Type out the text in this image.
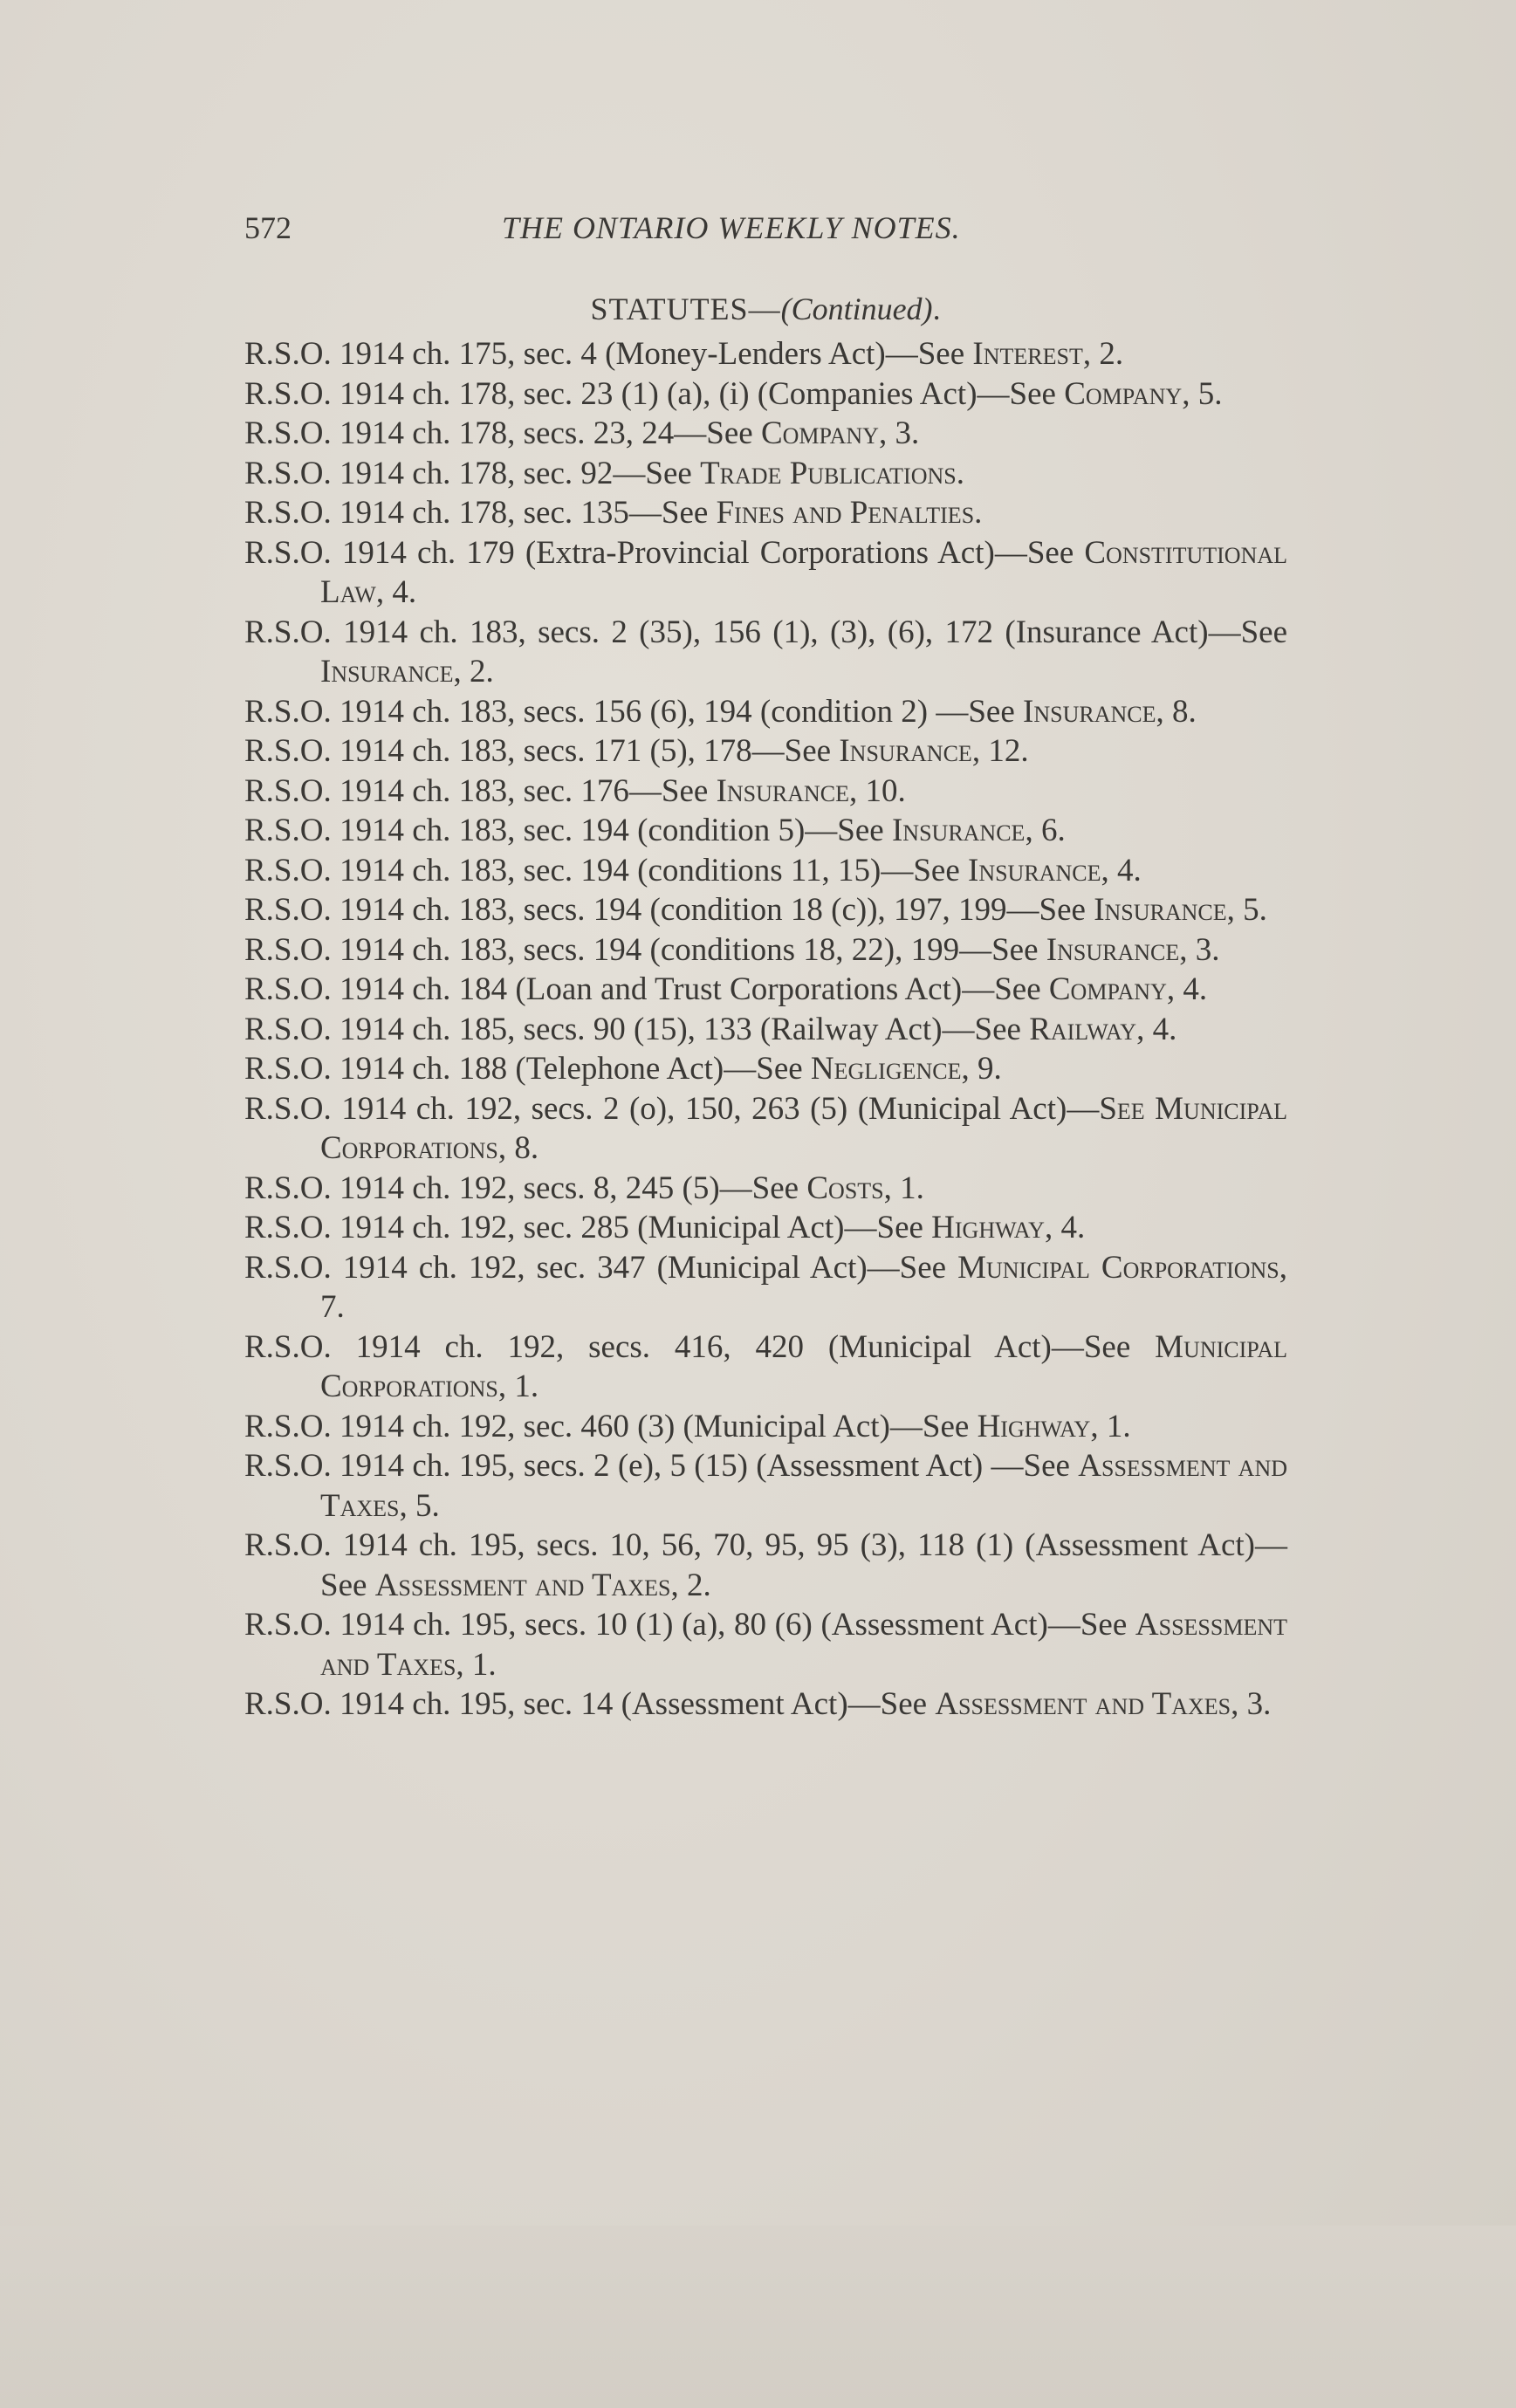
572	THE ONTARIO WEEKLY NOTES.
STATUTES—(Continued).
R.S.O. 1914 ch. 175, sec. 4 (Money-Lenders Act)—See Interest, 2.
R.S.O. 1914 ch. 178, sec. 23 (1) (a), (i) (Companies Act)—See Company, 5.
R.S.O. 1914 ch. 178, secs. 23, 24—See Company, 3.
R.S.O. 1914 ch. 178, sec. 92—See Trade Publications.
R.S.O. 1914 ch. 178, sec. 135—See Fines and Penalties.
R.S.O. 1914 ch. 179 (Extra-Provincial Corporations Act)—See Constitutional Law, 4.
R.S.O. 1914 ch. 183, secs. 2 (35), 156 (1), (3), (6), 172 (Insurance Act)—See Insurance, 2.
R.S.O. 1914 ch. 183, secs. 156 (6), 194 (condition 2) —See Insurance, 8.
R.S.O. 1914 ch. 183, secs. 171 (5), 178—See Insurance, 12.
R.S.O. 1914 ch. 183, sec. 176—See Insurance, 10.
R.S.O. 1914 ch. 183, sec. 194 (condition 5)—See Insurance, 6.
R.S.O. 1914 ch. 183, sec. 194 (conditions 11, 15)—See Insurance, 4.
R.S.O. 1914 ch. 183, secs. 194 (condition 18 (c)), 197, 199—See Insurance, 5.
R.S.O. 1914 ch. 183, secs. 194 (conditions 18, 22), 199—See Insurance, 3.
R.S.O. 1914 ch. 184 (Loan and Trust Corporations Act)—See Company, 4.
R.S.O. 1914 ch. 185, secs. 90 (15), 133 (Railway Act)—See Railway, 4.
R.S.O. 1914 ch. 188 (Telephone Act)—See Negligence, 9.
R.S.O. 1914 ch. 192, secs. 2 (o), 150, 263 (5) (Municipal Act)—See Municipal Corporations, 8.
R.S.O. 1914 ch. 192, secs. 8, 245 (5)—See Costs, 1.
R.S.O. 1914 ch. 192, sec. 285 (Municipal Act)—See Highway, 4.
R.S.O. 1914 ch. 192, sec. 347 (Municipal Act)—See Municipal Corporations, 7.
R.S.O. 1914 ch. 192, secs. 416, 420 (Municipal Act)—See Municipal Corporations, 1.
R.S.O. 1914 ch. 192, sec. 460 (3) (Municipal Act)—See Highway, 1.
R.S.O. 1914 ch. 195, secs. 2 (e), 5 (15) (Assessment Act) —See Assessment and Taxes, 5.
R.S.O. 1914 ch. 195, secs. 10, 56, 70, 95, 95 (3), 118 (1) (Assessment Act)—See Assessment and Taxes, 2.
R.S.O. 1914 ch. 195, secs. 10 (1) (a), 80 (6) (Assessment Act)—See Assessment and Taxes, 1.
R.S.O. 1914 ch. 195, sec. 14 (Assessment Act)—See Assessment and Taxes, 3.
